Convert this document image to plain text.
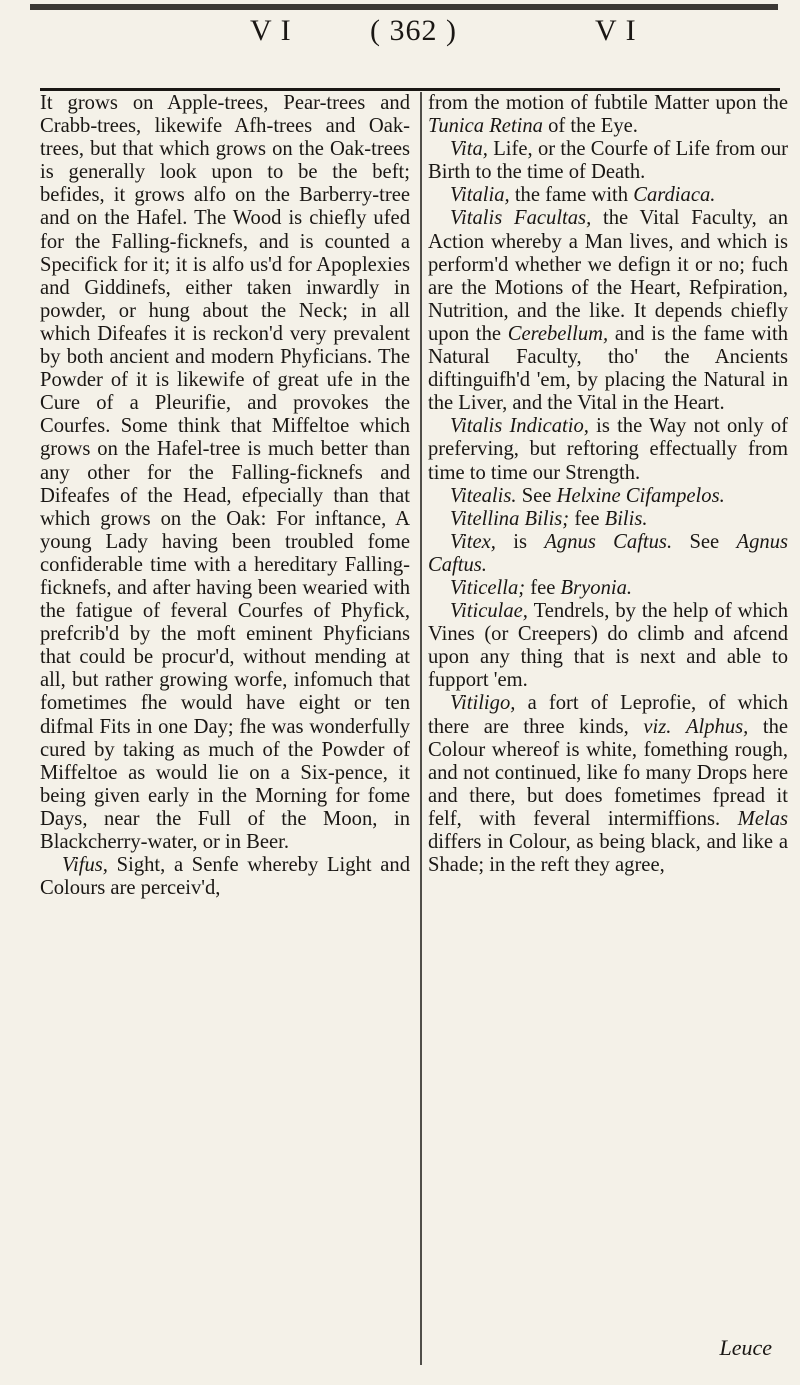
V I	( 362 )	V I

It grows on Apple-trees, Pear-trees and Crabb-trees, likewife Afh-trees and Oak-trees, but that which grows on the Oak-trees is generally look upon to be the beft; befides, it grows alfo on the Barberry-tree and on the Hafel. The Wood is chiefly ufed for the Falling-ficknefs, and is counted a Specifick for it; it is alfo us'd for Apoplexies and Giddinefs, either taken inwardly in powder, or hung about the Neck; in all which Difeafes it is reckon'd very prevalent by both ancient and modern Phyficians. The Powder of it is likewife of great ufe in the Cure of a Pleurifie, and provokes the Courfes. Some think that Miffeltoe which grows on the Hafel-tree is much better than any other for the Falling-ficknefs and Difeafes of the Head, efpecially than that which grows on the Oak: For inftance, A young Lady having been troubled fome confiderable time with a hereditary Falling-ficknefs, and after having been wearied with the fatigue of feveral Courfes of Phyfick, prefcrib'd by the moft eminent Phyficians that could be procur'd, without mending at all, but rather growing worfe, infomuch that fometimes fhe would have eight or ten difmal Fits in one Day; fhe was wonderfully cured by taking as much of the Powder of Miffeltoe as would lie on a Six-pence, it being given early in the Morning for fome Days, near the Full of the Moon, in Blackcherry-water, or in Beer.

Vifus, Sight, a Senfe whereby Light and Colours are perceiv'd,

from the motion of fubtile Matter upon the Tunica Retina of the Eye.

Vita, Life, or the Courfe of Life from our Birth to the time of Death.

Vitalia, the fame with Cardiaca.

Vitalis Facultas, the Vital Faculty, an Action whereby a Man lives, and which is perform'd whether we defign it or no; fuch are the Motions of the Heart, Refpiration, Nutrition, and the like. It depends chiefly upon the Cerebellum, and is the fame with Natural Faculty, tho' the Ancients diftinguifh'd 'em, by placing the Natural in the Liver, and the Vital in the Heart.

Vitalis Indicatio, is the Way not only of preferving, but reftoring effectually from time to time our Strength.

Vitealis. See Helxine Cifampelos.

Vitellina Bilis; fee Bilis.

Vitex, is Agnus Caftus. See Agnus Caftus.

Viticella; fee Bryonia.

Viticulae, Tendrels, by the help of which Vines (or Creepers) do climb and afcend upon any thing that is next and able to fupport 'em.

Vitiligo, a fort of Leprofie, of which there are three kinds, viz. Alphus, the Colour whereof is white, fomething rough, and not continued, like fo many Drops here and there, but does fometimes fpread it felf, with feveral intermiffions. Melas differs in Colour, as being black, and like a Shade; in the reft they agree,

Leuce
